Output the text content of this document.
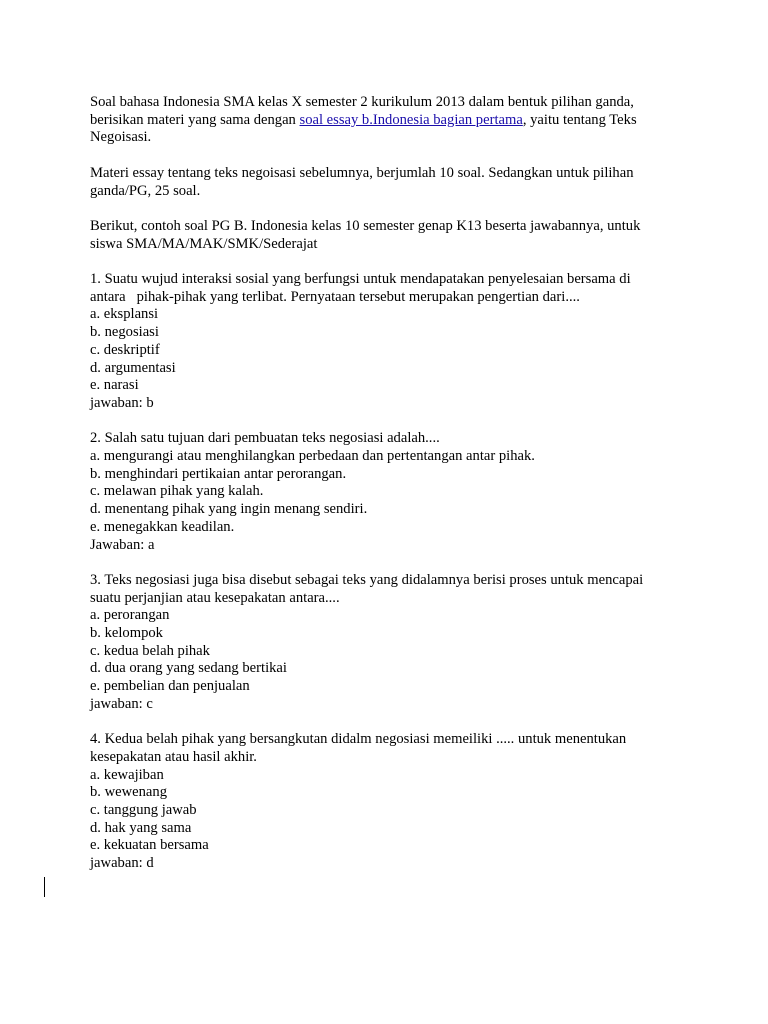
Soal bahasa Indonesia SMA kelas X semester 2 kurikulum 2013 dalam bentuk pilihan ganda,
berisikan materi yang sama dengan soal essay b.Indonesia bagian pertama, yaitu tentang Teks
Negoisasi.
Materi essay tentang teks negoisasi sebelumnya, berjumlah 10 soal. Sedangkan untuk pilihan
ganda/PG, 25 soal.
Berikut, contoh soal PG B. Indonesia kelas 10 semester genap K13 beserta jawabannya, untuk
siswa SMA/MA/MAK/SMK/Sederajat
1. Suatu wujud interaksi sosial yang berfungsi untuk mendapatakan penyelesaian bersama di
antara   pihak-pihak yang terlibat. Pernyataan tersebut merupakan pengertian dari....
a. eksplansi
b. negosiasi
c. deskriptif
d. argumentasi
e. narasi
jawaban: b
2. Salah satu tujuan dari pembuatan teks negosiasi adalah....
a. mengurangi atau menghilangkan perbedaan dan pertentangan antar pihak.
b. menghindari pertikaian antar perorangan.
c. melawan pihak yang kalah.
d. menentang pihak yang ingin menang sendiri.
e. menegakkan keadilan.
Jawaban: a
3. Teks negosiasi juga bisa disebut sebagai teks yang didalamnya berisi proses untuk mencapai
suatu perjanjian atau kesepakatan antara....
a. perorangan
b. kelompok
c. kedua belah pihak
d. dua orang yang sedang bertikai
e. pembelian dan penjualan
jawaban: c
4. Kedua belah pihak yang bersangkutan didalm negosiasi memeiliki ..... untuk menentukan
kesepakatan atau hasil akhir.
a. kewajiban
b. wewenang
c. tanggung jawab
d. hak yang sama
e. kekuatan bersama
jawaban: d
